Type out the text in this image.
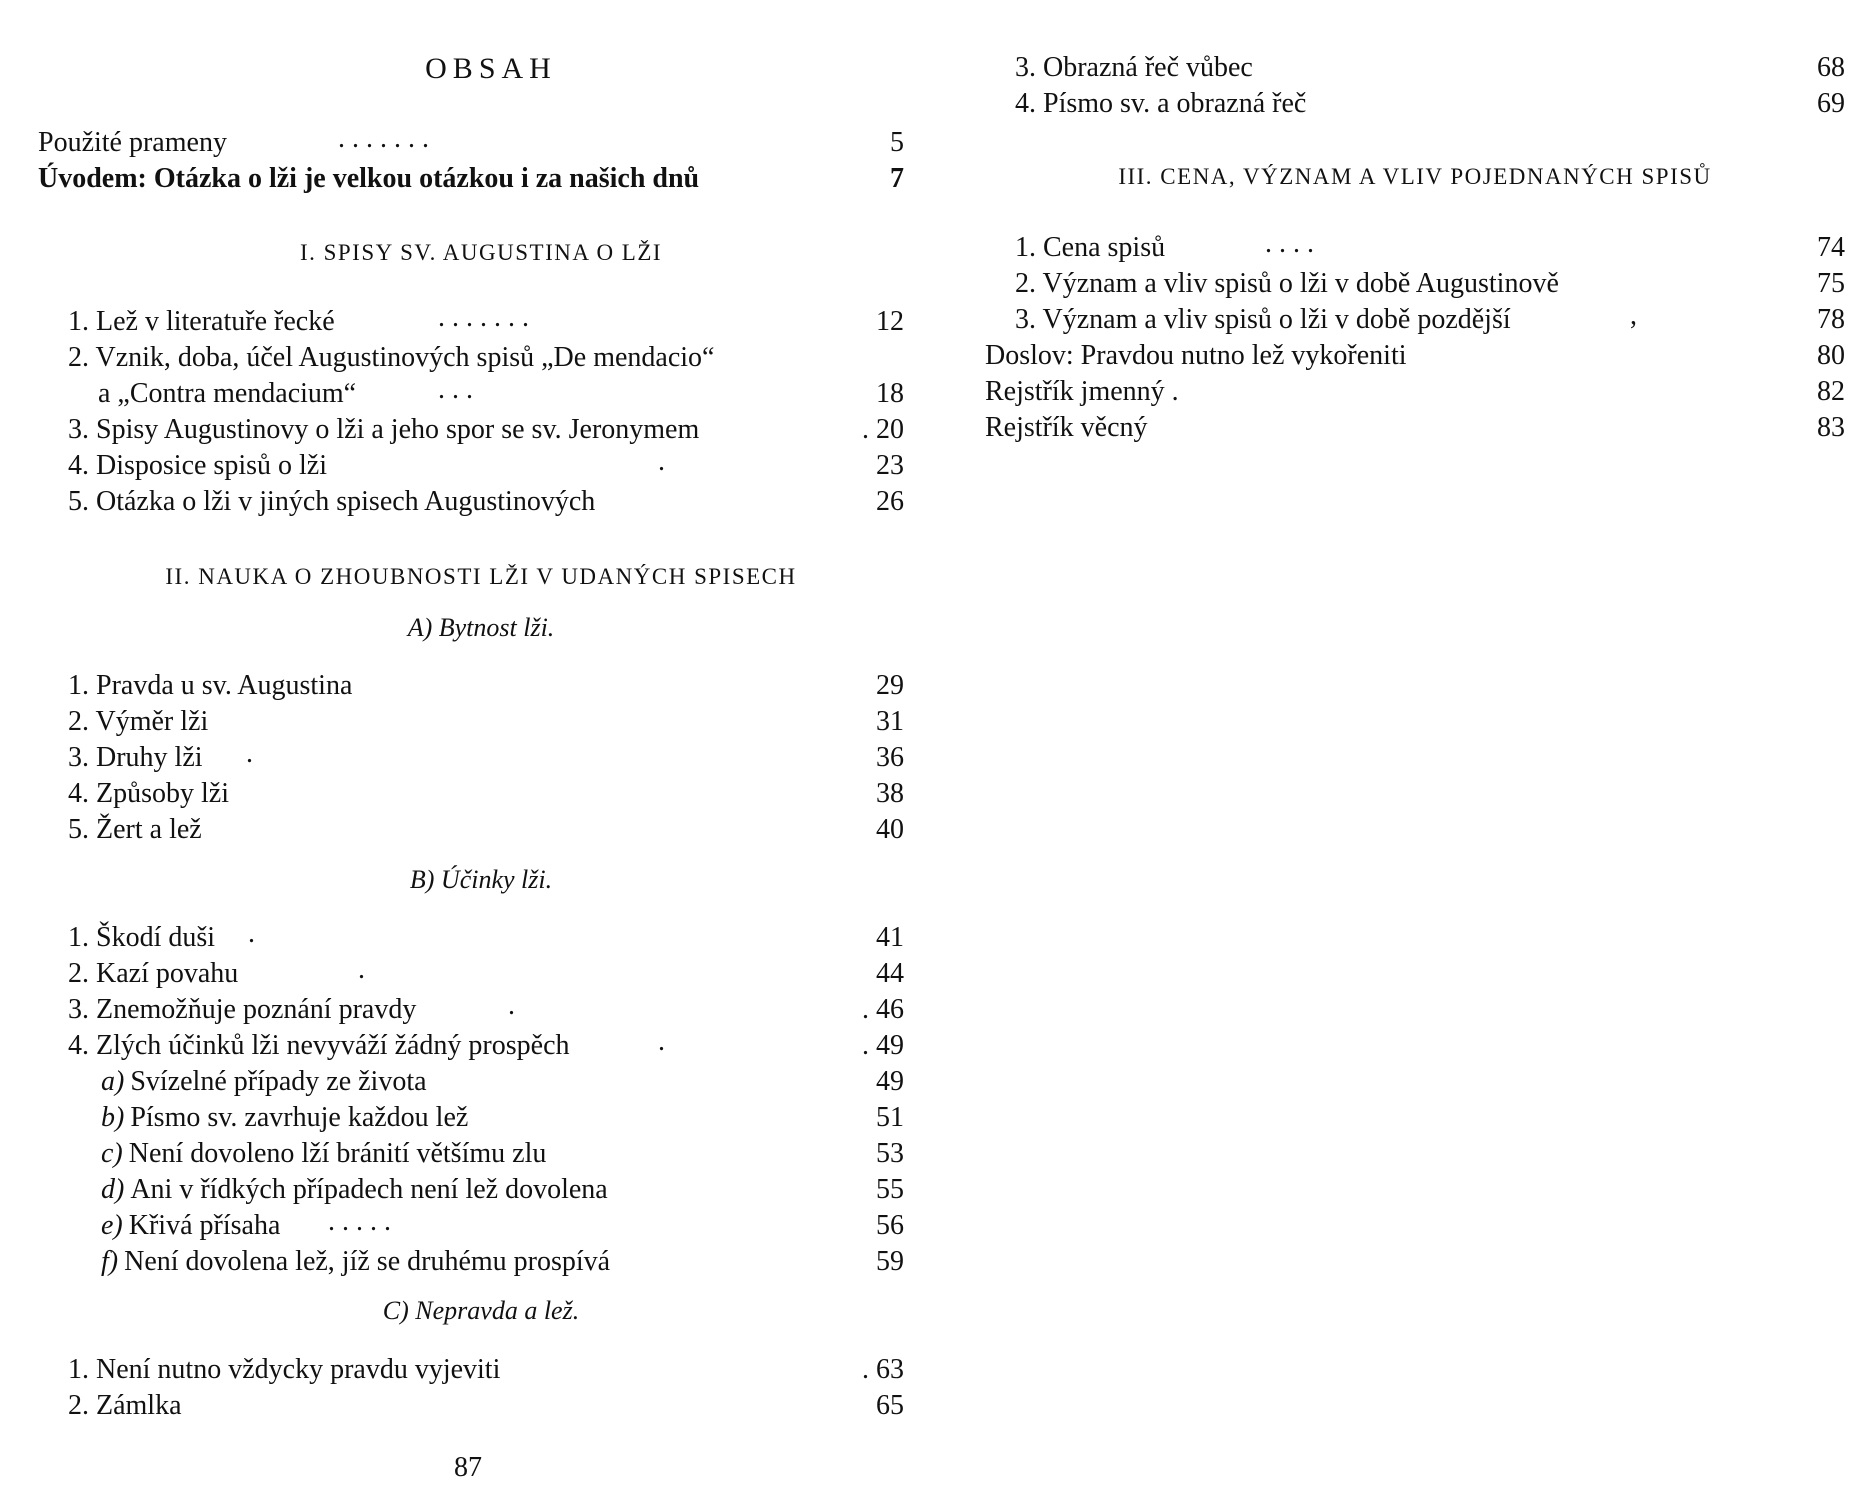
OBSAH
Použité prameny	. . . . . . .	5
Úvodem: Otázka o lži je velkou otázkou i za našich dnů	7
I. SPISY SV. AUGUSTINA O LŽI
1. Lež v literatuře řecké	. . . . . . .	12
2. Vznik, doba, účel Augustinových spisů „De mendacio“
a „Contra mendacium“	. . .	18
3. Spisy Augustinovy o lži a jeho spor se sv. Jeronymem	. 20
4. Disposice spisů o lži	.	23
5. Otázka o lži v jiných spisech Augustinových	26
II. NAUKA O ZHOUBNOSTI LŽI V UDANÝCH SPISECH
A) Bytnost lži.
1. Pravda u sv. Augustina	29
2. Výměr lži	31
3. Druhy lži .	36
4. Způsoby lži	38
5. Žert a lež	40
B) Účinky lži.
1. Škodí duši .	41
2. Kazí povahu	.	44
3. Znemožňuje poznání pravdy	.	. 46
4. Zlých účinků lži nevyváží žádný prospěch	.	. 49
a) Svízelné případy ze života	49
b) Písmo sv. zavrhuje každou lež	51
c) Není dovoleno lží bránití většímu zlu	53
d) Ani v řídkých případech není lež dovolena	55
e) Křivá přísaha . . . . .	56
f) Není dovolena lež, jíž se druhému prospívá	59
C) Nepravda a lež.
1. Není nutno vždycky pravdu vyjeviti	. 63
2. Zámlka	65
87
3. Obrazná řeč vůbec	68
4. Písmo sv. a obrazná řeč	69
III. CENA, VÝZNAM A VLIV POJEDNANÝCH SPISŮ
1. Cena spisů	. . . .	74
2. Význam a vliv spisů o lži v době Augustinově	75
3. Význam a vliv spisů o lži v době pozdější	,	78
Doslov: Pravdou nutno lež vykořeniti	80
Rejstřík jmenný .	82
Rejstřík věcný	83
